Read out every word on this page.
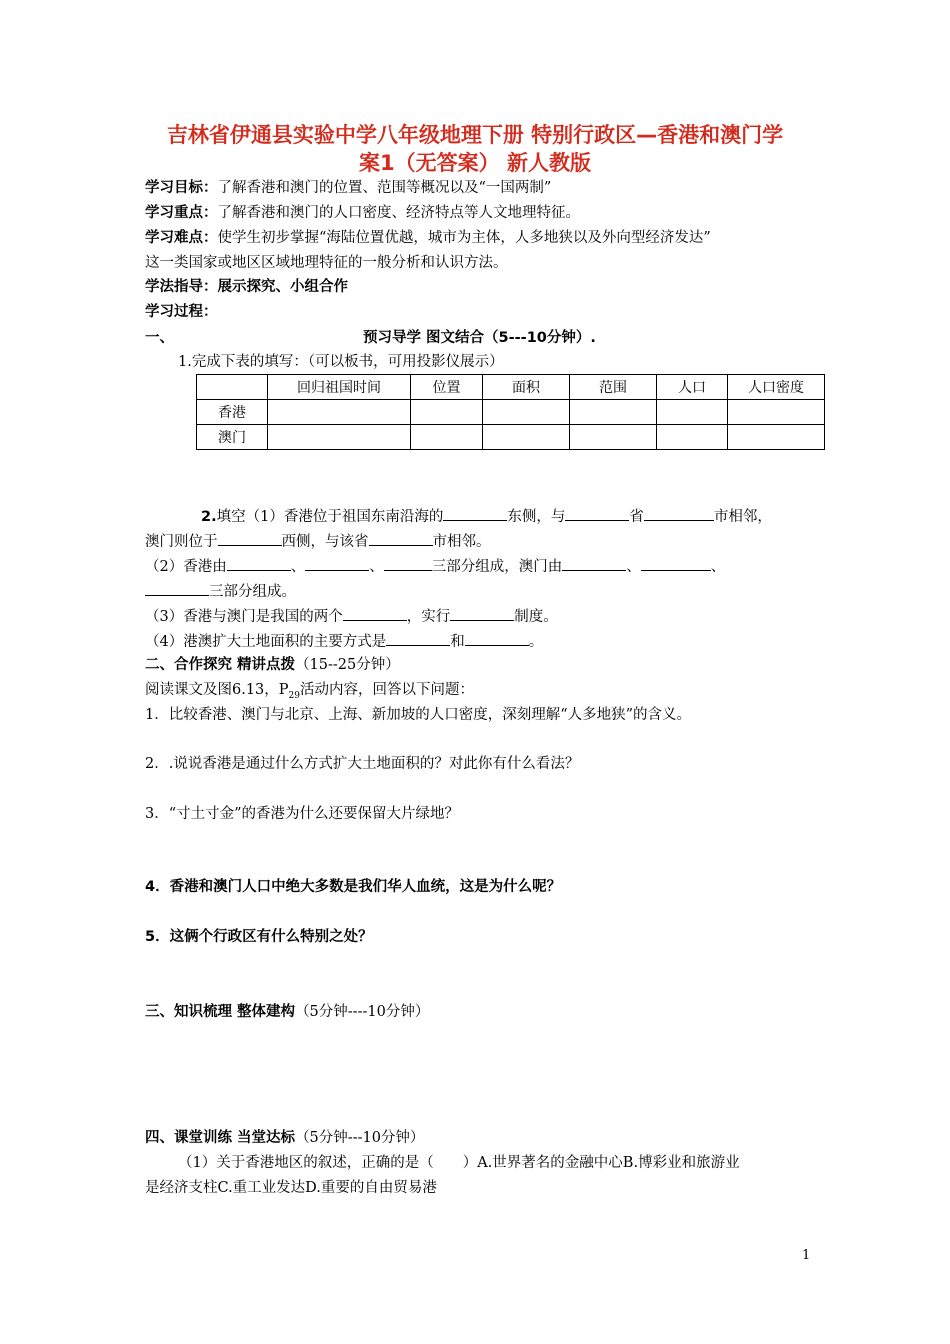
吉林省伊通县实验中学八年级地理下册 特别行政区—香港和澳门学
案1（无答案） 新人教版
学习目标：了解香港和澳门的位置、范围等概况以及“一国两制”
学习重点：了解香港和澳门的人口密度、经济特点等人文地理特征。
学习难点：使学生初步掌握“海陆位置优越，城市为主体，人多地狭以及外向型经济发达”
这一类国家或地区区域地理特征的一般分析和认识方法。
学法指导：展示探究、小组合作
学习过程：
一、	预习导学 图文结合（5---10分钟）.
1.完成下表的填写：（可以板书，可用投影仪展示）
	回归祖国时间	位置	面积	范围	人口	人口密度
香港						
澳门						
2.填空（1）香港位于祖国东南沿海的	东侧，与	省	市相邻，
澳门则位于	西侧，与该省	市相邻。
（2）香港由	、	、	三部分组成，澳门由	、	、
三部分组成。
（3）香港与澳门是我国的两个	，实行	制度。
（4）港澳扩大土地面积的主要方式是	和	。
二、合作探究 精讲点拨（15--25分钟）
阅读课文及图6.13，$P_{29}$活动内容，回答以下问题：
1．比较香港、澳门与北京、上海、新加坡的人口密度，深刻理解“人多地狭”的含义。
2．.说说香港是通过什么方式扩大土地面积的？对此你有什么看法？
3．“寸土寸金”的香港为什么还要保留大片绿地？
4．香港和澳门人口中绝大多数是我们华人血统，这是为什么呢？
5．这俩个行政区有什么特别之处？
三、知识梳理 整体建构（5分钟----10分钟）
四、课堂训练 当堂达标（5分钟---10分钟）
（1）关于香港地区的叙述，正确的是（　　）A.世界著名的金融中心B.博彩业和旅游业
是经济支柱C.重工业发达D.重要的自由贸易港
1
